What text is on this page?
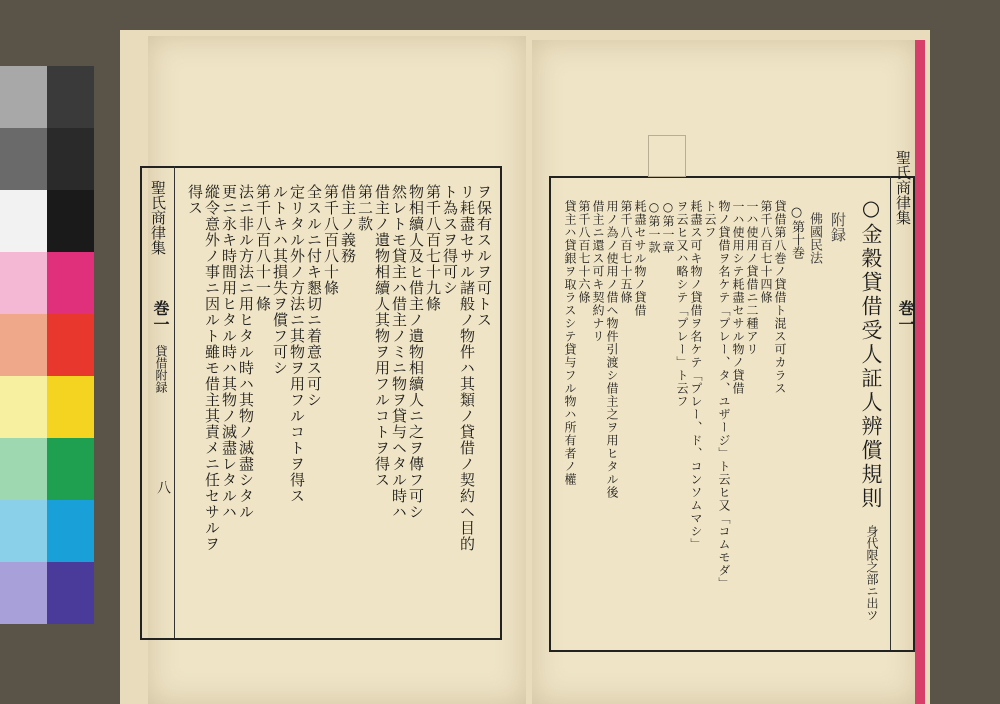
聖氏商律集
巻一
貸借附録
八
ヲ保有スルヲ可トス
リ耗盡セサル諸般ノ物件ハ其類ノ貸借ノ契約ヘ目的
ト為スヲ得可シ
第千八百七十九條
物相續人及ヒ借主ノ遺物相續人ニ之ヲ傳フ可シ
然レトモ貸主ハ借主ノミニ物ヲ貸与ヘタル時ハ
借主ノ遺物相續人其物ヲ用フルコトヲ得ス
第二款
借主ノ義務
第千八百八十條
全スルニ付キ懇切ニ着意ス可シ
定リタル外ノ方法ニ其物ヲ用フルコトヲ得ス
ルトキハ其損失ヲ償フ可シ
第千八百八十一條
法ニ非ル方法ニ用ヒタル時ハ其物ノ滅盡シタル
更ニ永キ時間用ヒタル時ハ其物ノ滅盡レタルハ
縱令意外ノ事ニ因ルト雖モ借主其責メニ任セサルヲ
得ス	聖氏商律集
巻一
○金穀貸借受人証人辨償規則
身代限之部ニ出ツ
附録
佛國民法
○第十巻
貸借第八巻ノ貸借ト混ス可カラス
第千八百七十四條
一ハ使用ノ貸借ニ二種アリ
一ハ使用シテ耗盡セサル物ノ貸借
物ノ貸借ヲ名ケテ「プレー、タ、ユザージ」ト云ヒ又「コムモダ」
ト云フ
耗盡ス可キ物ノ貸借ヲ名ケテ「プレー、ド、コンソムマシ」
ヲ云ヒ又ハ略シテ「プレー」ト云フ
○第一章
○第一款
耗盡セサル物ノ貸借
第千八百七十五條
用ノ為ノ使用ノ借ヘ物件引渡シ借主之ヲ用ヒタル後
借主ニ還ス可キ契約ナリ
第千八百七十六條
貸主ハ貸銀ヲ取ラスシテ貸与フル物ハ所有者ノ權
